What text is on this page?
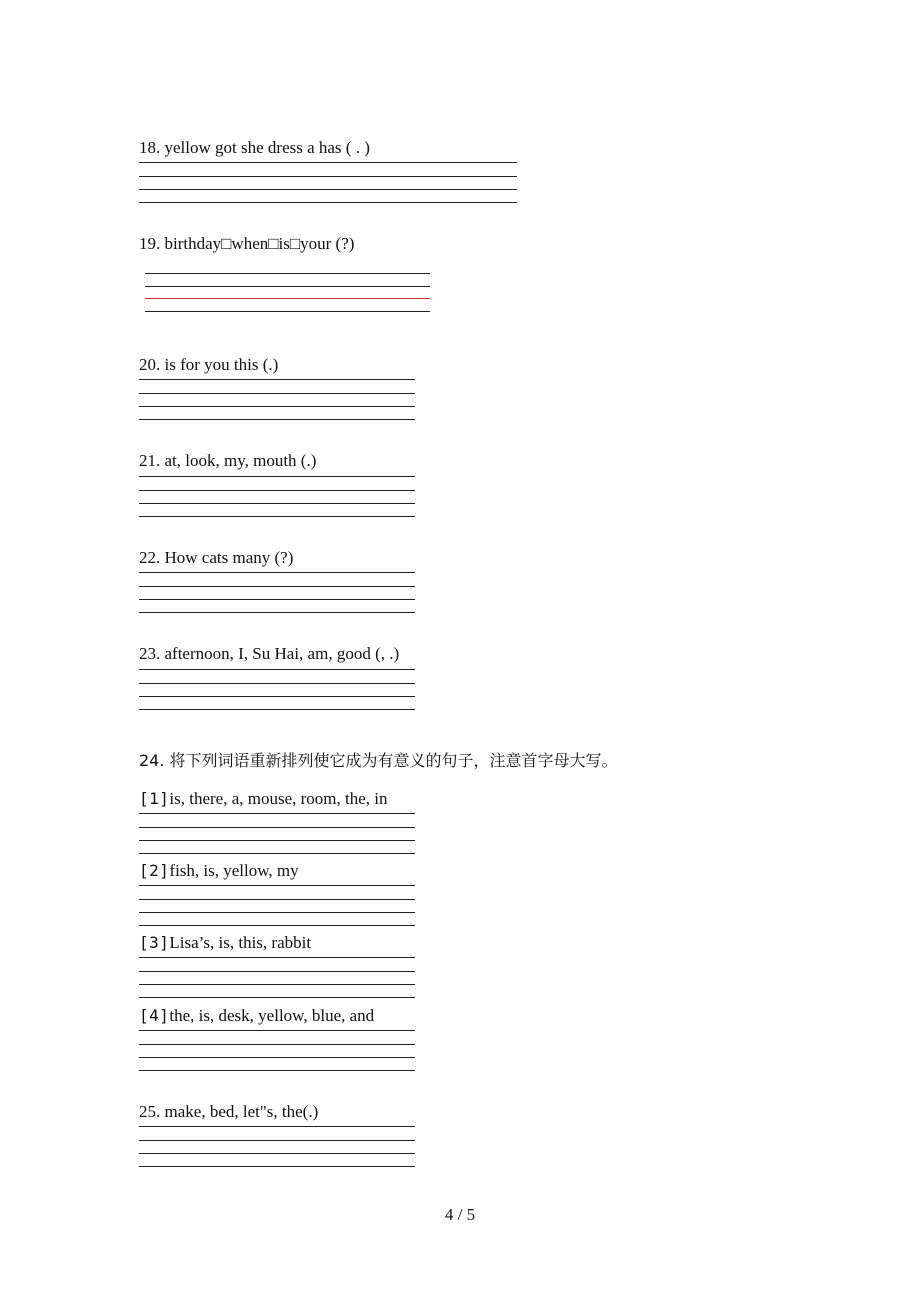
18. yellow got she dress a has ( . )
19. birthday□when□is□your (?)
20. is for you this (.)
21. at, look, my, mouth (.)
22. How cats many (?)
23. afternoon, I, Su Hai, am, good (, .)
24. 将下列词语重新排列使它成为有意义的句子，注意首字母大写。
[1]is, there, a, mouse, room, the, in
[2]fish, is, yellow, my
[3]Lisa’s, is, this, rabbit
[4]the, is, desk, yellow, blue, and
25. make, bed, let"s, the(.)
4 / 5
